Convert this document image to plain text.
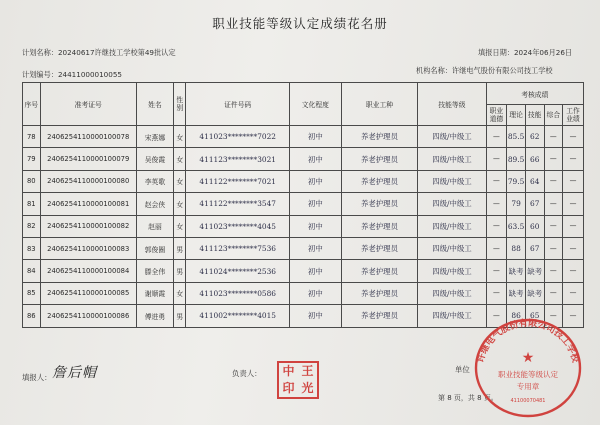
职业技能等级认定成绩花名册
计划名称：20240617许继技工学校第49批认定	填报日期：2024年06月26日
计划编号：24411000010055	机构名称：许继电气股份有限公司技工学校
序号	准考证号	姓名	性别	证件号码	文化程度	职业工种	技能等级	考核成绩				
								职业道德	理论	技能	综合	工作业绩
78	2406254110000100078	宋燕娜	女	411023********7022	初中	养老护理员	四级/中级工	—	85.5	62	—	—
79	2406254110000100079	吴俊霞	女	411123********3021	初中	养老护理员	四级/中级工	—	89.5	66	—	—
80	2406254110000100080	李英歌	女	411122********7021	初中	养老护理员	四级/中级工	—	79.5	64	—	—
81	2406254110000100081	赵会侠	女	411122********3547	初中	养老护理员	四级/中级工	—	79	67	—	—
82	2406254110000100082	赵丽	女	411023********4045	初中	养老护理员	四级/中级工	—	63.5	60	—	—
83	2406254110000100083	郭俊圈	男	411123********7536	初中	养老护理员	四级/中级工	—	88	67	—	—
84	2406254110000100084	滕全伟	男	411024********2536	初中	养老护理员	四级/中级工	—	缺考	缺考	—	—
85	2406254110000100085	谢顺霞	女	411023********0586	初中	养老护理员	四级/中级工	—	缺考	缺考	—	—
86	2406254110000100086	傅进勇	男	411002********4015	初中	养老护理员	四级/中级工	—	86	65	—	—
填报人： 詹后帽	负责人：	单位
第 8 页，共 8 页。
中 王
印 光
许继电气股份有限公司技工学校
★
职业技能等级认定
专用章
41100070481
